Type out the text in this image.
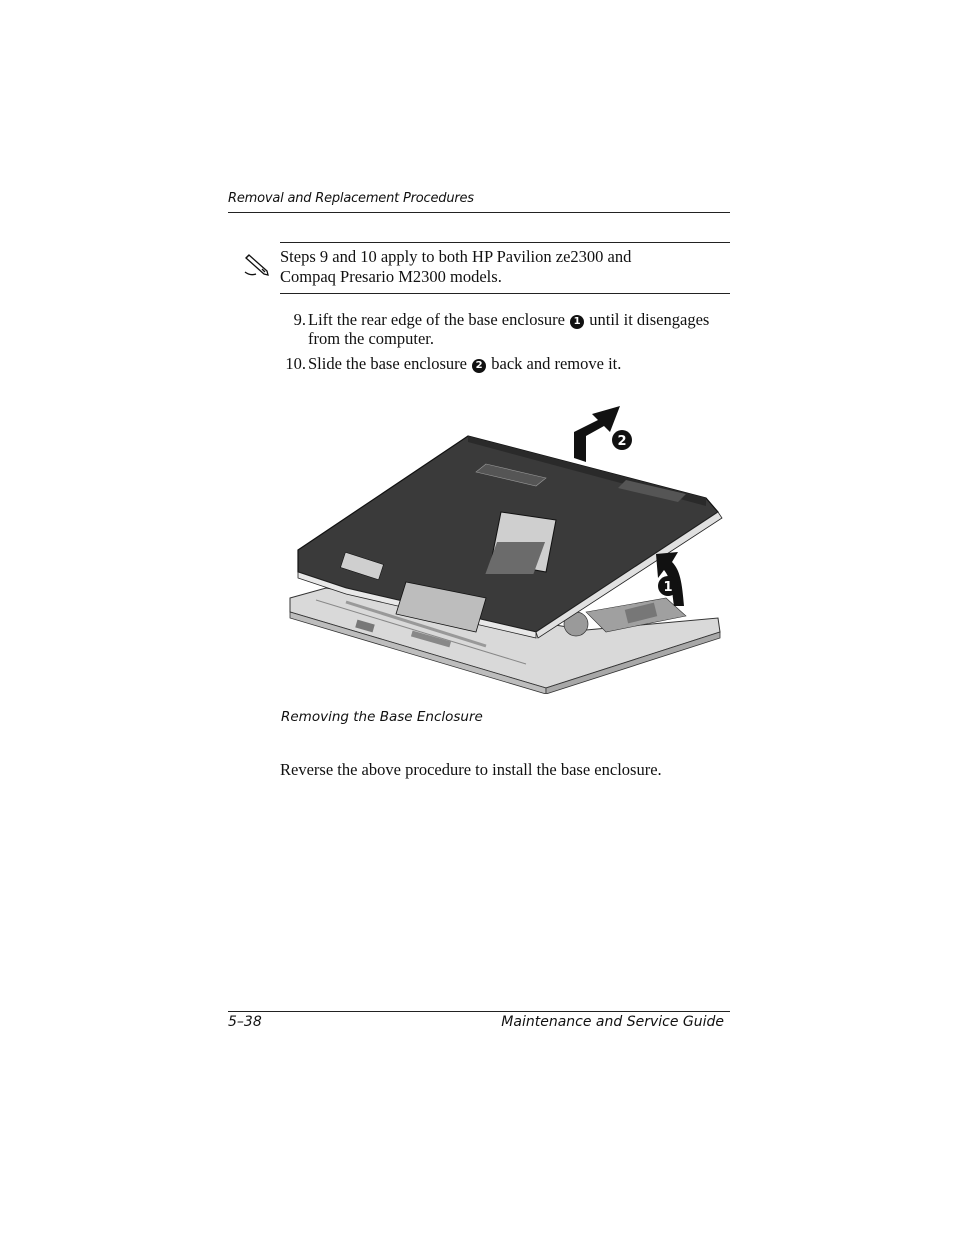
Removal and Replacement Procedures
Steps 9 and 10 apply to both HP Pavilion ze2300 and
Compaq Presario M2300 models.
9. Lift the rear edge of the base enclosure 1 until it disengages
from the computer.
10. Slide the base enclosure 2 back and remove it.
2
1
Removing the Base Enclosure
Reverse the above procedure to install the base enclosure.
5–38	Maintenance and Service Guide
